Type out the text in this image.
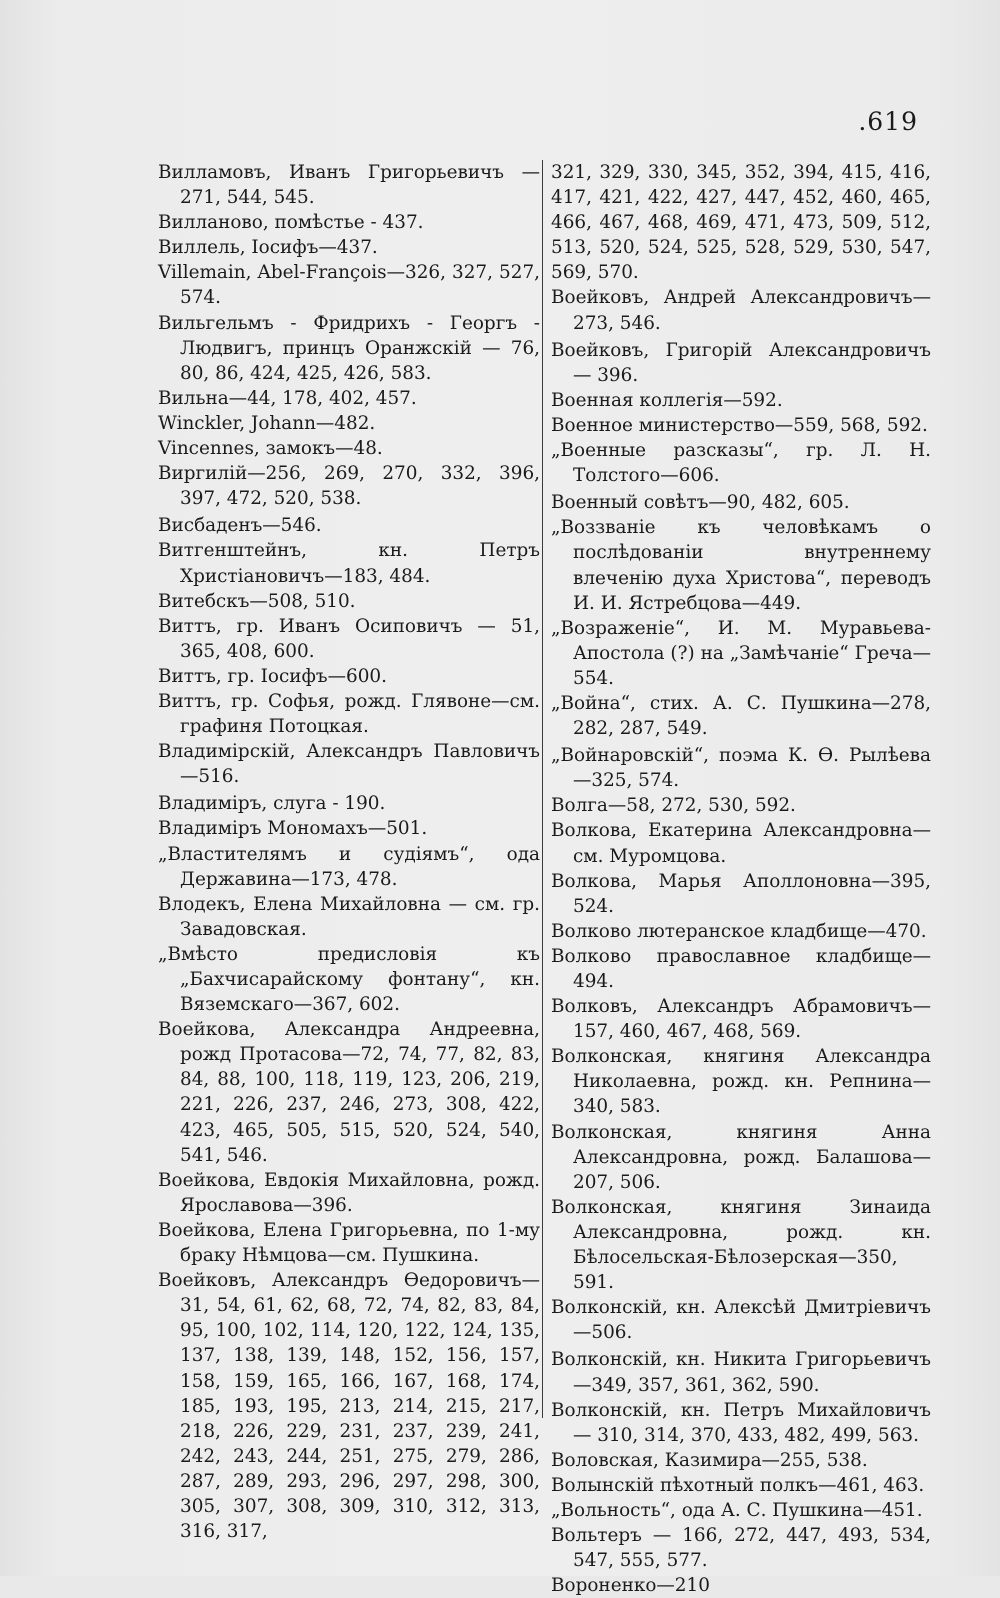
.619

Вилламовъ, Иванъ Григорьевичъ — 271, 544, 545.

Вилланово, помѣстье - 437.

Виллель, Іосифъ—437.

Villemain, Abel-François—326, 327, 527, 574.

Вильгельмъ - Фридрихъ - Георгъ - Людвигъ, принцъ Оранжскій — 76, 80, 86, 424, 425, 426, 583.

Вильна—44, 178, 402, 457.

Winckler, Johann—482.

Vincennes, замокъ—48.

Виргилій—256, 269, 270, 332, 396, 397, 472, 520, 538.

Висбаденъ—546.

Витгенштейнъ, кн. Петръ Христіановичъ—183, 484.

Витебскъ—508, 510.

Виттъ, гр. Иванъ Осиповичъ — 51, 365, 408, 600.

Виттъ, гр. Іосифъ—600.

Виттъ, гр. Софья, рожд. Глявоне—см. графиня Потоцкая.

Владимірскій, Александръ Павловичъ—516.

Владиміръ, слуга - 190.

Владиміръ Мономахъ—501.

„Властителямъ и судіямъ“, ода Державина—173, 478.

Влодекъ, Елена Михайловна — см. гр. Завадовская.

„Вмѣсто предисловія къ „Бахчисарайскому фонтану“, кн. Вяземскаго—367, 602.

Воейкова, Александра Андреевна, рожд Протасова—72, 74, 77, 82, 83, 84, 88, 100, 118, 119, 123, 206, 219, 221, 226, 237, 246, 273, 308, 422, 423, 465, 505, 515, 520, 524, 540, 541, 546.

Воейкова, Евдокія Михайловна, рожд. Ярославова—396.

Воейкова, Елена Григорьевна, по 1-му браку Нѣмцова—см. Пушкина.

Воейковъ, Александръ Ѳедоровичъ—31, 54, 61, 62, 68, 72, 74, 82, 83, 84, 95, 100, 102, 114, 120, 122, 124, 135, 137, 138, 139, 148, 152, 156, 157, 158, 159, 165, 166, 167, 168, 174, 185, 193, 195, 213, 214, 215, 217, 218, 226, 229, 231, 237, 239, 241, 242, 243, 244, 251, 275, 279, 286, 287, 289, 293, 296, 297, 298, 300, 305, 307, 308, 309, 310, 312, 313, 316, 317,

321, 329, 330, 345, 352, 394, 415, 416, 417, 421, 422, 427, 447, 452, 460, 465, 466, 467, 468, 469, 471, 473, 509, 512, 513, 520, 524, 525, 528, 529, 530, 547, 569, 570.

Воейковъ, Андрей Александровичъ—273, 546.

Воейковъ, Григорій Александровичъ — 396.

Военная коллегія—592.

Военное министерство—559, 568, 592.

„Военные разсказы“, гр. Л. Н. Толстого—606.

Военный совѣтъ—90, 482, 605.

„Воззваніе къ человѣкамъ о послѣдованіи внутреннему влеченію духа Христова“, переводъ И. И. Ястребцова—449.

„Возраженіе“, И. М. Муравьева-Апостола (?) на „Замѣчаніе“ Греча—554.

„Война“, стих. А. С. Пушкина—278, 282, 287, 549.

„Войнаровскій“, поэма К. Ѳ. Рылѣева—325, 574.

Волга—58, 272, 530, 592.

Волкова, Екатерина Александровна—см. Муромцова.

Волкова, Марья Аполлоновна—395, 524.

Волково лютеранское кладбище—470.

Волково православное кладбище—494.

Волковъ, Александръ Абрамовичъ—157, 460, 467, 468, 569.

Волконская, княгиня Александра Николаевна, рожд. кн. Репнина—340, 583.

Волконская, княгиня Анна Александровна, рожд. Балашова—207, 506.

Волконская, княгиня Зинаида Александровна, рожд. кн. Бѣлосельская-Бѣлозерская—350, 591.

Волконскій, кн. Алексѣй Дмитріевичъ—506.

Волконскій, кн. Никита Григорьевичъ—349, 357, 361, 362, 590.

Волконскій, кн. Петръ Михайловичъ — 310, 314, 370, 433, 482, 499, 563.

Воловская, Казимира—255, 538.

Волынскій пѣхотный полкъ—461, 463.

„Вольность“, ода А. С. Пушкина—451.

Вольтеръ — 166, 272, 447, 493, 534, 547, 555, 577.

Вороненко—210
